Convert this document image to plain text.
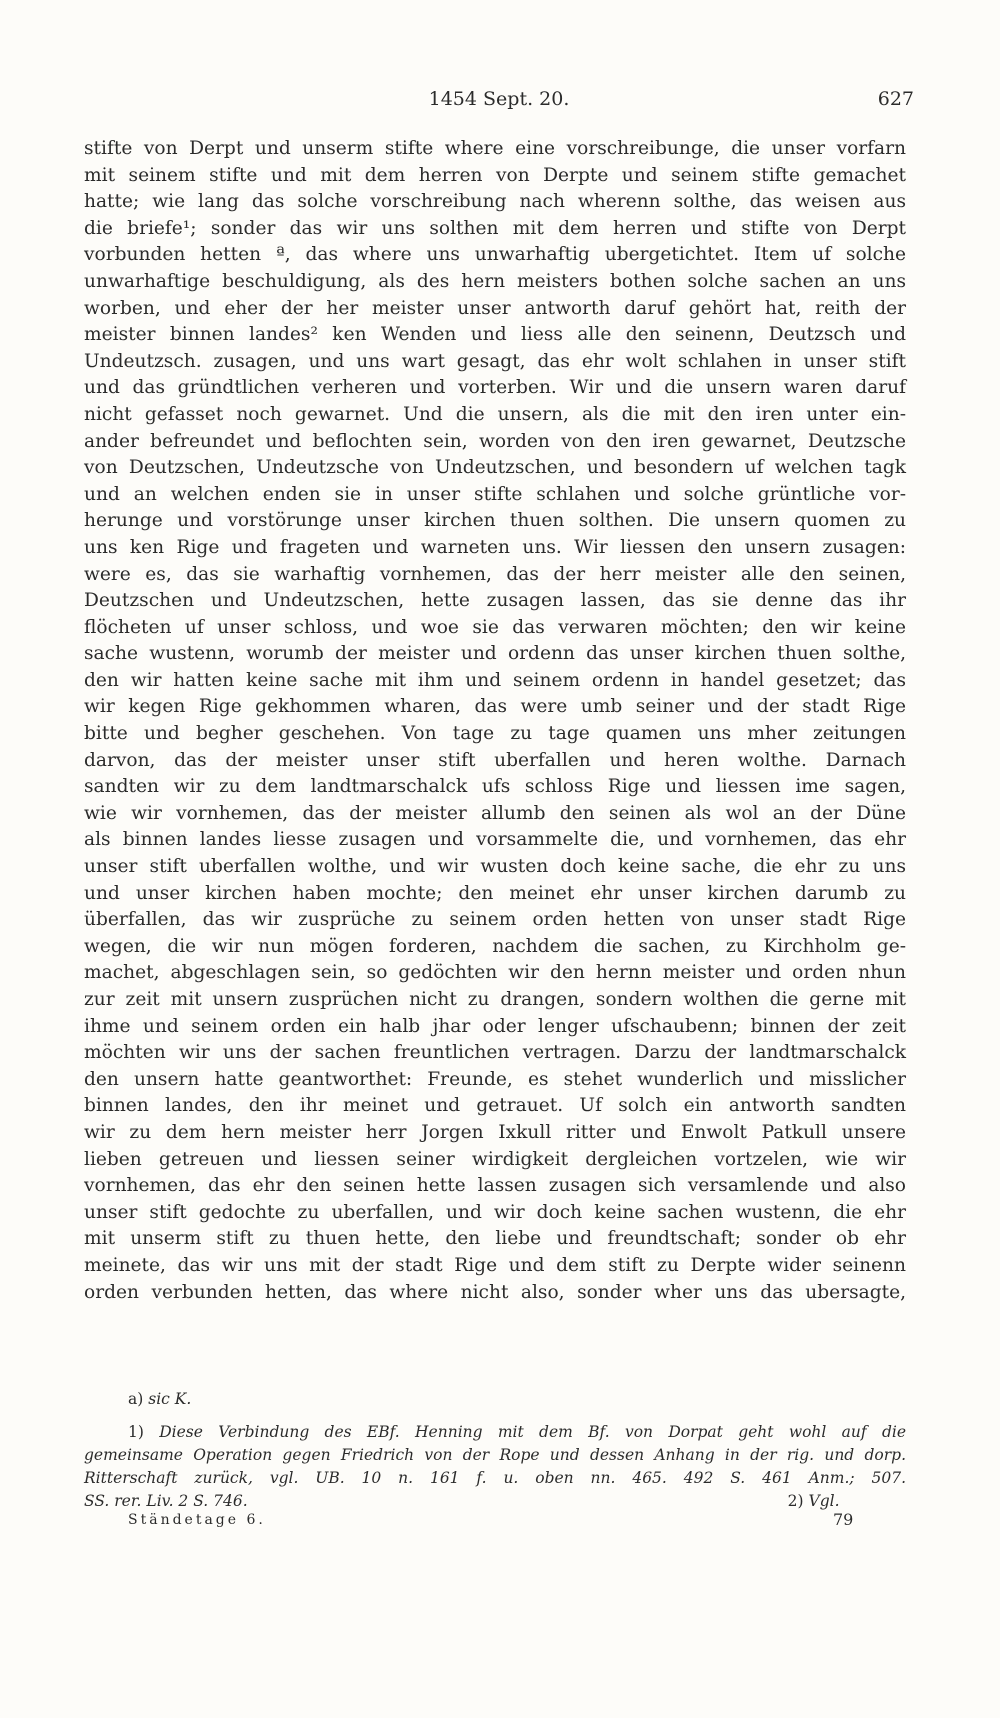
1454 Sept. 20.	627
stifte von Derpt und unserm stifte where eine vorschreibunge, die unser vorfarn
mit seinem stifte und mit dem herren von Derpte und seinem stifte gemachet
hatte; wie lang das solche vorschreibung nach wherenn solthe, das weisen aus
die briefe¹; sonder das wir uns solthen mit dem herren und stifte von Derpt
vorbunden hetten ª, das where uns unwarhaftig ubergetichtet. Item uf solche
unwarhaftige beschuldigung, als des hern meisters bothen solche sachen an uns
worben, und eher der her meister unser antworth daruf gehört hat, reith der
meister binnen landes² ken Wenden und liess alle den seinenn, Deutzsch und
Undeutzsch. zusagen, und uns wart gesagt, das ehr wolt schlahen in unser stift
und das gründtlichen verheren und vorterben. Wir und die unsern waren daruf
nicht gefasset noch gewarnet. Und die unsern, als die mit den iren unter ein-
ander befreundet und beflochten sein, worden von den iren gewarnet, Deutzsche
von Deutzschen, Undeutzsche von Undeutzschen, und besondern uf welchen tagk
und an welchen enden sie in unser stifte schlahen und solche grüntliche vor-
herunge und vorstörunge unser kirchen thuen solthen. Die unsern quomen zu
uns ken Rige und frageten und warneten uns. Wir liessen den unsern zusagen:
were es, das sie warhaftig vornhemen, das der herr meister alle den seinen,
Deutzschen und Undeutzschen, hette zusagen lassen, das sie denne das ihr
flöcheten uf unser schloss, und woe sie das verwaren möchten; den wir keine
sache wustenn, worumb der meister und ordenn das unser kirchen thuen solthe,
den wir hatten keine sache mit ihm und seinem ordenn in handel gesetzet; das
wir kegen Rige gekhommen wharen, das were umb seiner und der stadt Rige
bitte und begher geschehen. Von tage zu tage quamen uns mher zeitungen
darvon, das der meister unser stift uberfallen und heren wolthe. Darnach
sandten wir zu dem landtmarschalck ufs schloss Rige und liessen ime sagen,
wie wir vornhemen, das der meister allumb den seinen als wol an der Düne
als binnen landes liesse zusagen und vorsammelte die, und vornhemen, das ehr
unser stift uberfallen wolthe, und wir wusten doch keine sache, die ehr zu uns
und unser kirchen haben mochte; den meinet ehr unser kirchen darumb zu
überfallen, das wir zusprüche zu seinem orden hetten von unser stadt Rige
wegen, die wir nun mögen forderen, nachdem die sachen, zu Kirchholm ge-
machet, abgeschlagen sein, so gedöchten wir den hernn meister und orden nhun
zur zeit mit unsern zusprüchen nicht zu drangen, sondern wolthen die gerne mit
ihme und seinem orden ein halb jhar oder lenger ufschaubenn; binnen der zeit
möchten wir uns der sachen freuntlichen vertragen. Darzu der landtmarschalck
den unsern hatte geantworthet: Freunde, es stehet wunderlich und misslicher
binnen landes, den ihr meinet und getrauet. Uf solch ein antworth sandten
wir zu dem hern meister herr Jorgen Ixkull ritter und Enwolt Patkull unsere
lieben getreuen und liessen seiner wirdigkeit dergleichen vortzelen, wie wir
vornhemen, das ehr den seinen hette lassen zusagen sich versamlende und also
unser stift gedochte zu uberfallen, und wir doch keine sachen wustenn, die ehr
mit unserm stift zu thuen hette, den liebe und freundtschaft; sonder ob ehr
meinete, das wir uns mit der stadt Rige und dem stift zu Derpte wider seinenn
orden verbunden hetten, das where nicht also, sonder wher uns das ubersagte,
a) sic K.
1) Diese Verbindung des EBf. Henning mit dem Bf. von Dorpat geht wohl auf die
gemeinsame Operation gegen Friedrich von der Rope und dessen Anhang in der rig. und dorp.
Ritterschaft zurück, vgl. UB. 10 n. 161 f. u. oben nn. 465. 492 S. 461 Anm.; 507.
SS. rer. Liv. 2 S. 746.	2) Vgl.
Ständetage 6.	79
